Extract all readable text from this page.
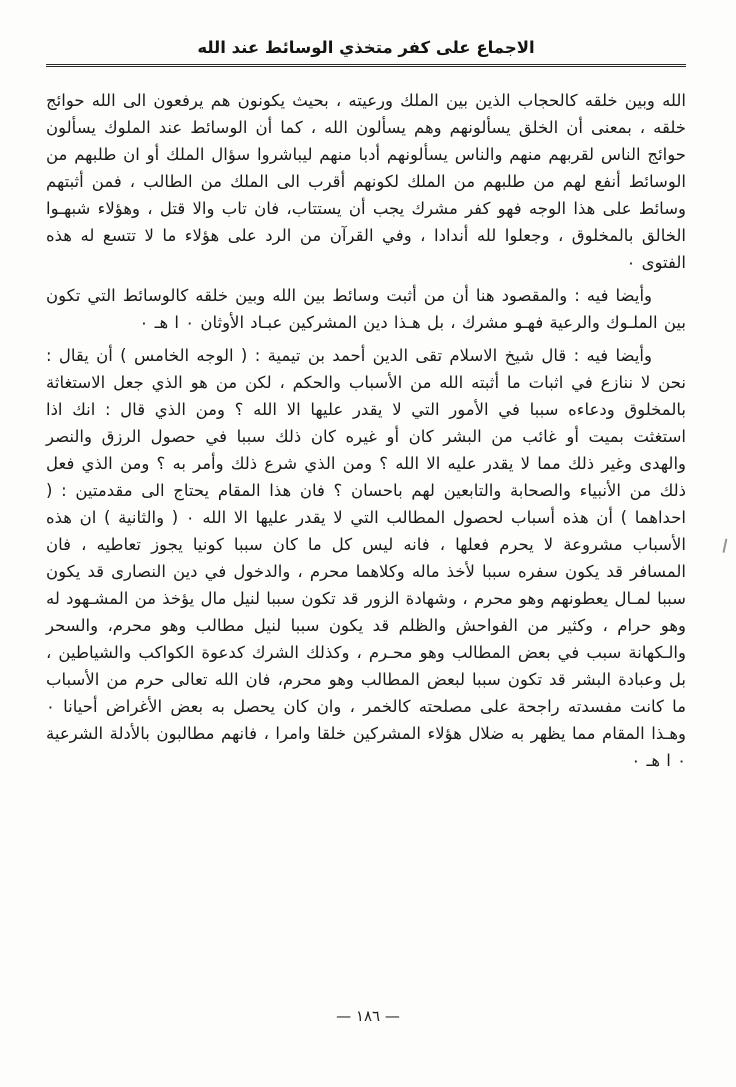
الاجماع على كفر متخذي الوسائط عند الله

الله وبين خلقه كالحجاب الذين بين الملك ورعيته ، بحيث يكونون هم يرفعون الى الله حوائج خلقه ، بمعنى أن الخلق يسألونهم وهم يسألون الله ، كما أن الوسائط عند الملوك يسألون حوائج الناس لقربهم منهم والناس يسألونهم أدبا منهم ليباشروا سؤال الملك أو ان طلبهم من الوسائط أنفع لهم من طلبهم من الملك لكونهم أقرب الى الملك من الطالب ، فمن أثبتهم وسائط على هذا الوجه فهو كفر مشرك يجب أن يستتاب، فان تاب والا قتل ، وهؤلاء شبهـوا الخالق بالمخلوق ، وجعلوا لله أندادا ، وفي القرآن من الرد على هؤلاء ما لا تتسع له هذه الفتوى ٠

وأيضا فيه : والمقصود هنا أن من أثبت وسائط بين الله وبين خلقه كالوسائط التي تكون بين الملـوك والرعية فهـو مشرك ، بل هـذا دين المشركين عبـاد الأوثان ٠ ا هـ ٠

وأيضا فيه : قال شيخ الاسلام تقى الدين أحمد بن تيمية : ( الوجه الخامس ) أن يقال : نحن لا ننازع في اثبات ما أثبته الله من الأسباب والحكم ، لكن من هو الذي جعل الاستغاثة بالمخلوق ودعاءه سببا في الأمور التي لا يقدر عليها الا الله ؟ ومن الذي قال : انك اذا استغثت بميت أو غائب من البشر كان أو غيره كان ذلك سببا في حصول الرزق والنصر والهدى وغير ذلك مما لا يقدر عليه الا الله ؟ ومن الذي شرع ذلك وأمر به ؟ ومن الذي فعل ذلك من الأنبياء والصحابة والتابعين لهم باحسان ؟ فان هذا المقام يحتاج الى مقدمتين : ( احداهما ) أن هذه أسباب لحصول المطالب التي لا يقدر عليها الا الله ٠ ( والثانية ) ان هذه الأسباب مشروعة لا يحرم فعلها ، فانه ليس كل ما كان سببا كونيا يجوز تعاطيه ، فان المسافر قد يكون سفره سببا لأخذ ماله وكلاهما محرم ، والدخول في دين النصارى قد يكون سببا لمـال يعطونهم وهو محرم ، وشهادة الزور قد تكون سببا لنيل مال يؤخذ من المشـهود له وهو حرام ، وكثير من الفواحش والظلم قد يكون سببا لنيل مطالب وهو محرم، والسحر والـكهانة سبب في بعض المطالب وهو محـرم ، وكذلك الشرك كدعوة الكواكب والشياطين ، بل وعبادة البشر قد تكون سببا لبعض المطالب وهو محرم، فان الله تعالى حرم من الأسباب ما كانت مفسدته راجحة على مصلحته كالخمر ، وان كان يحصل به بعض الأغراض أحيانا ٠ وهـذا المقام مما يظهر به ضلال هؤلاء المشركين خلقا وامرا ، فانهم مطالبون بالأدلة الشرعية ٠ ا هـ ٠

— ١٨٦ —
